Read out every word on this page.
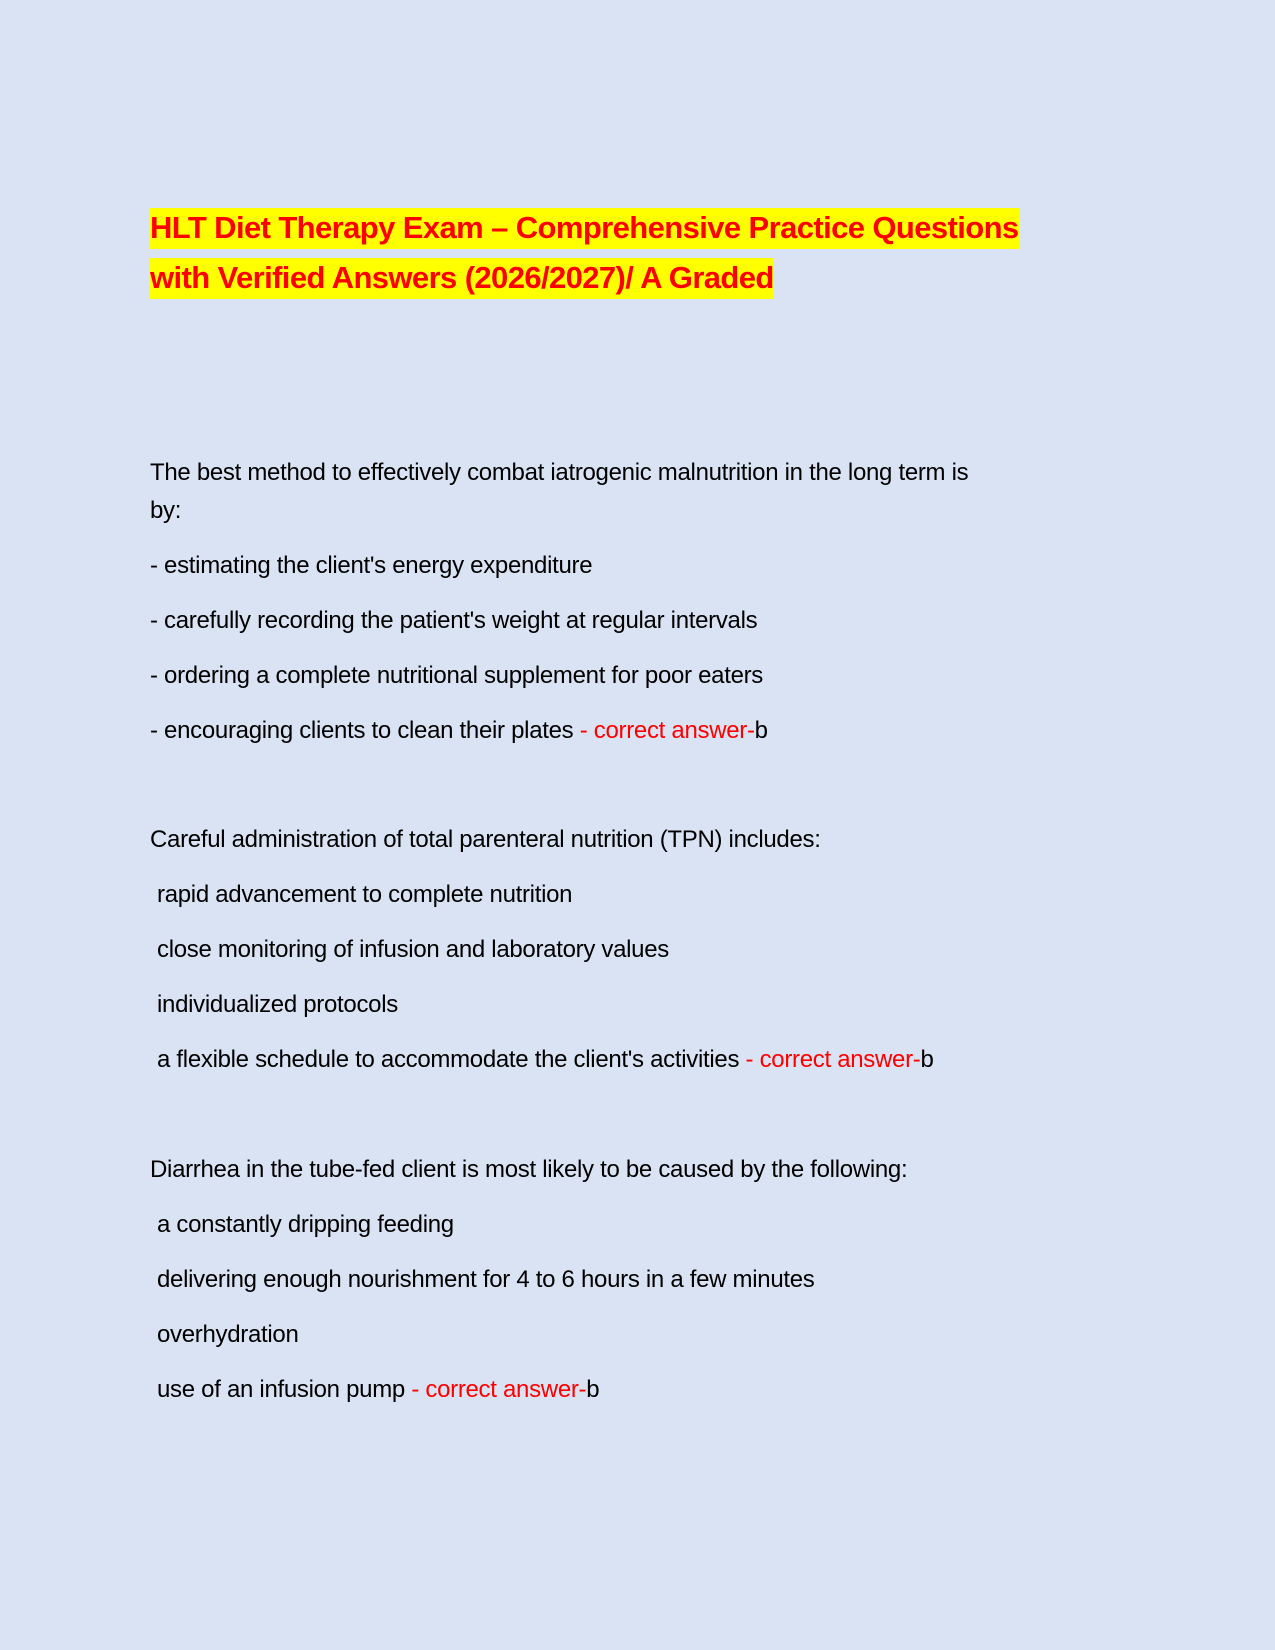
HLT Diet Therapy Exam – Comprehensive Practice Questions
with Verified Answers (2026/2027)/ A Graded
The best method to effectively combat iatrogenic malnutrition in the long term is
by:
- estimating the client's energy expenditure
- carefully recording the patient's weight at regular intervals
- ordering a complete nutritional supplement for poor eaters
- encouraging clients to clean their plates - correct answer-b
Careful administration of total parenteral nutrition (TPN) includes:
rapid advancement to complete nutrition
close monitoring of infusion and laboratory values
individualized protocols
a flexible schedule to accommodate the client's activities - correct answer-b
Diarrhea in the tube-fed client is most likely to be caused by the following:
a constantly dripping feeding
delivering enough nourishment for 4 to 6 hours in a few minutes
overhydration
use of an infusion pump - correct answer-b
